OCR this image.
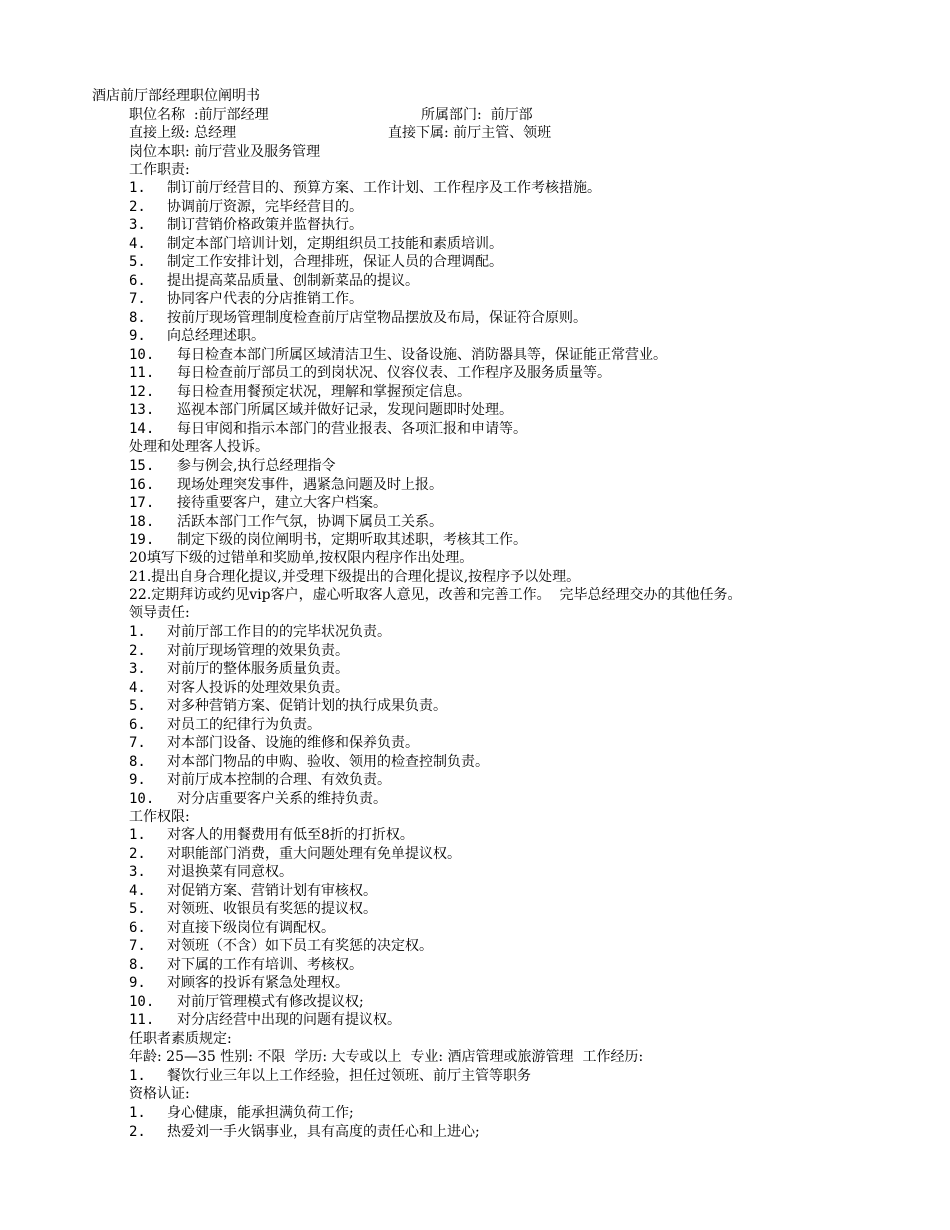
酒店前厅部经理职位阐明书
职位名称  :前厅部经理	所属部门:  前厅部
直接上级: 总经理	直接下属: 前厅主管、领班
岗位本职: 前厅营业及服务管理
工作职责:
1. 制订前厅经营目的、预算方案、工作计划、工作程序及工作考核措施。
2. 协调前厅资源，完毕经营目的。
3. 制订营销价格政策并监督执行。
4. 制定本部门培训计划，定期组织员工技能和素质培训。
5. 制定工作安排计划，合理排班，保证人员的合理调配。
6. 提出提高菜品质量、创制新菜品的提议。
7. 协同客户代表的分店推销工作。
8. 按前厅现场管理制度检查前厅店堂物品摆放及布局，保证符合原则。
9. 向总经理述职。
10. 每日检查本部门所属区域清洁卫生、设备设施、消防器具等，保证能正常营业。
11. 每日检查前厅部员工的到岗状况、仪容仪表、工作程序及服务质量等。
12. 每日检查用餐预定状况，理解和掌握预定信息。
13. 巡视本部门所属区域并做好记录，发现问题即时处理。
14. 每日审阅和指示本部门的营业报表、各项汇报和申请等。
处理和处理客人投诉。
15. 参与例会,执行总经理指令
16. 现场处理突发事件，遇紧急问题及时上报。
17. 接待重要客户，建立大客户档案。
18. 活跃本部门工作气氛，协调下属员工关系。
19. 制定下级的岗位阐明书，定期听取其述职，考核其工作。
20填写下级的过错单和奖励单,按权限内程序作出处理。
21.提出自身合理化提议,并受理下级提出的合理化提议,按程序予以处理。
22.定期拜访或约见vip客户，虚心听取客人意见，改善和完善工作。  完毕总经理交办的其他任务。
领导责任:
1. 对前厅部工作目的的完毕状况负责。
2. 对前厅现场管理的效果负责。
3. 对前厅的整体服务质量负责。
4. 对客人投诉的处理效果负责。
5. 对多种营销方案、促销计划的执行成果负责。
6. 对员工的纪律行为负责。
7. 对本部门设备、设施的维修和保养负责。
8. 对本部门物品的申购、验收、领用的检查控制负责。
9. 对前厅成本控制的合理、有效负责。
10. 对分店重要客户关系的维持负责。
工作权限:
1. 对客人的用餐费用有低至8折的打折权。
2. 对职能部门消费，重大问题处理有免单提议权。
3. 对退换菜有同意权。
4. 对促销方案、营销计划有审核权。
5. 对领班、收银员有奖惩的提议权。
6. 对直接下级岗位有调配权。
7. 对领班（不含）如下员工有奖惩的决定权。
8. 对下属的工作有培训、考核权。
9. 对顾客的投诉有紧急处理权。
10. 对前厅管理模式有修改提议权;
11. 对分店经营中出现的问题有提议权。
任职者素质规定:
年龄: 25—35 性别: 不限  学历: 大专或以上  专业: 酒店管理或旅游管理  工作经历:
1. 餐饮行业三年以上工作经验，担任过领班、前厅主管等职务
资格认证:
1. 身心健康，能承担满负荷工作;
2. 热爱刘一手火锅事业，具有高度的责任心和上进心;
